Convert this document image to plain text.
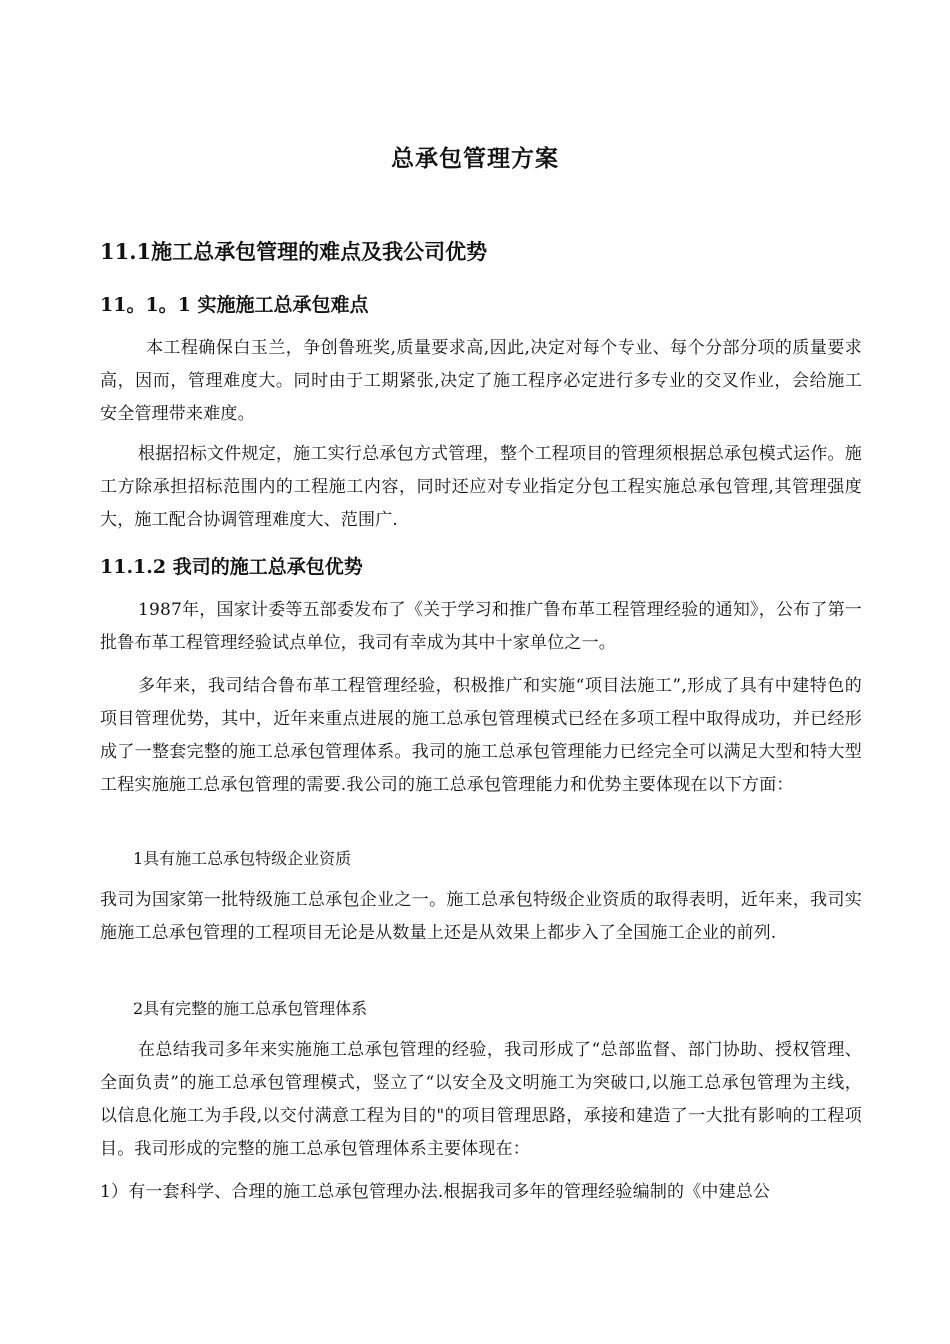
总承包管理方案
11.1施工总承包管理的难点及我公司优势
11。1。1 实施施工总承包难点

本工程确保白玉兰，争创鲁班奖,质量要求高,因此,决定对每个专业、每个分部分项的质量要求高，因而，管理难度大。同时由于工期紧张,决定了施工程序必定进行多专业的交叉作业，会给施工安全管理带来难度。

根据招标文件规定，施工实行总承包方式管理，整个工程项目的管理须根据总承包模式运作。施工方除承担招标范围内的工程施工内容，同时还应对专业指定分包工程实施总承包管理,其管理强度大，施工配合协调管理难度大、范围广.

11.1.2 我司的施工总承包优势

1987年，国家计委等五部委发布了《关于学习和推广鲁布革工程管理经验的通知》，公布了第一批鲁布革工程管理经验试点单位，我司有幸成为其中十家单位之一。

多年来，我司结合鲁布革工程管理经验，积极推广和实施“项目法施工”,形成了具有中建特色的项目管理优势，其中，近年来重点进展的施工总承包管理模式已经在多项工程中取得成功，并已经形成了一整套完整的施工总承包管理体系。我司的施工总承包管理能力已经完全可以满足大型和特大型工程实施施工总承包管理的需要.我公司的施工总承包管理能力和优势主要体现在以下方面：

1具有施工总承包特级企业资质

我司为国家第一批特级施工总承包企业之一。施工总承包特级企业资质的取得表明，近年来，我司实施施工总承包管理的工程项目无论是从数量上还是从效果上都步入了全国施工企业的前列.

2具有完整的施工总承包管理体系

在总结我司多年来实施施工总承包管理的经验，我司形成了“总部监督、部门协助、授权管理、全面负责”的施工总承包管理模式，竖立了“以安全及文明施工为突破口,以施工总承包管理为主线，以信息化施工为手段,以交付满意工程为目的"的项目管理思路，承接和建造了一大批有影响的工程项目。我司形成的完整的施工总承包管理体系主要体现在：

1）有一套科学、合理的施工总承包管理办法.根据我司多年的管理经验编制的《中建总公
